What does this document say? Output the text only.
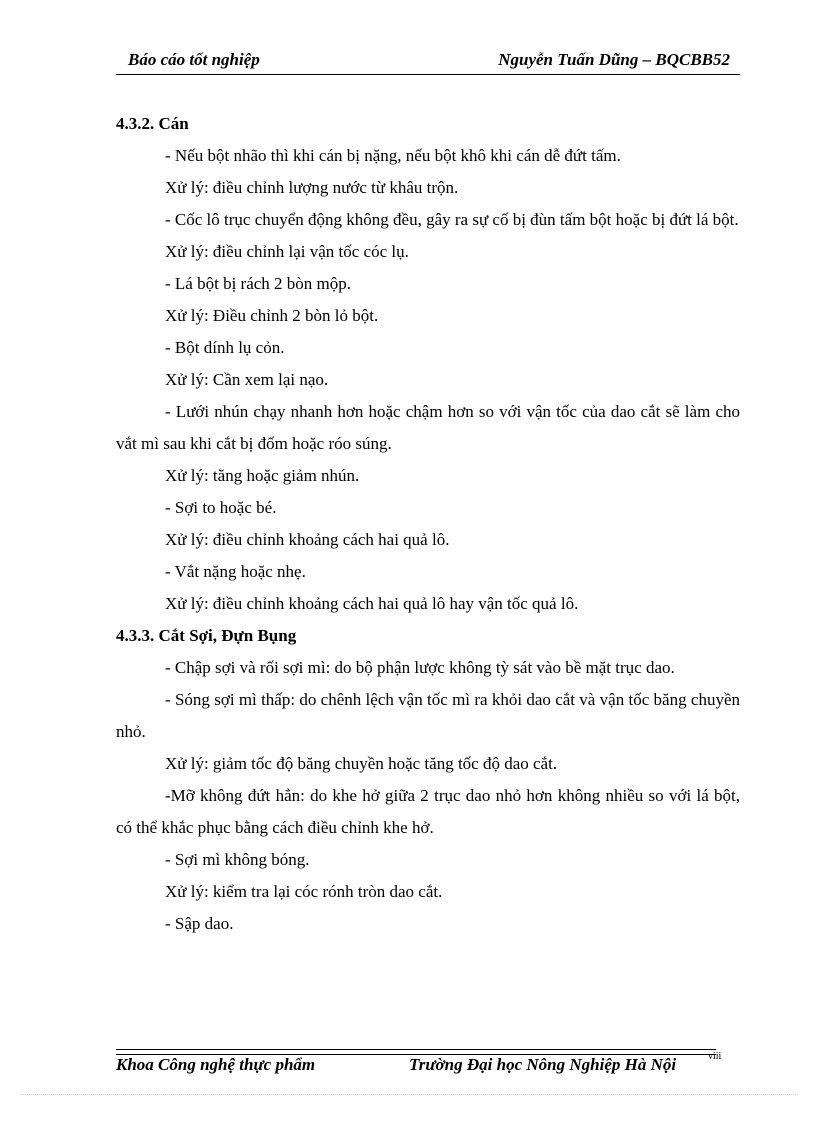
Báo cáo tốt nghiệp	Nguyễn Tuấn Dũng – BQCBB52

4.3.2. Cán

- Nếu bột nhão thì khi cán bị nặng, nếu bột khô khi cán dễ đứt tấm.

Xử lý: điều chỉnh lượng nước từ khâu trộn.

- Cốc lô trục chuyển động không đều, gây ra sự cố bị đùn tấm bột hoặc bị đứt lá bột.

Xử lý: điều chỉnh lại vận tốc cóc lụ.

- Lá bột bị rách 2 bòn mộp.

Xử lý: Điều chỉnh 2 bòn lỏ bột.

- Bột dính lụ cỏn.

Xử lý: Cần xem lại nạo.

- Lưới nhún chạy nhanh hơn hoặc chậm hơn so với vận tốc của dao cắt sẽ làm cho vắt mì sau khi cắt bị đốm hoặc róo súng.

Xử lý: tăng hoặc giảm nhún.

- Sợi to hoặc bé.

Xử lý: điều chỉnh khoảng cách hai quả lô.

- Vắt nặng hoặc nhẹ.

Xử lý: điều chỉnh khoảng cách hai quả lô hay vận tốc quả lô.

4.3.3. Cắt Sợi, Đựn Bụng

- Chập sợi và rối sợi mì: do bộ phận lược không tỳ sát vào bề mặt trục dao.

- Sóng sợi mì thấp: do chênh lệch vận tốc mì ra khỏi dao cắt và vận tốc băng chuyền nhỏ.

Xử lý: giảm tốc độ băng chuyền hoặc tăng tốc độ dao cắt.

-Mỡ không đứt hẳn: do khe hở giữa 2 trục dao nhỏ hơn không nhiều so với lá bột, có thể khắc phục bằng cách điều chỉnh khe hở.

- Sợi mì không bóng.

Xử lý: kiểm tra lại cóc rónh tròn dao cắt.

- Sập dao.

Khoa Công nghệ thực phẩm	Trường Đại học Nông Nghiệp Hà Nội	viii
